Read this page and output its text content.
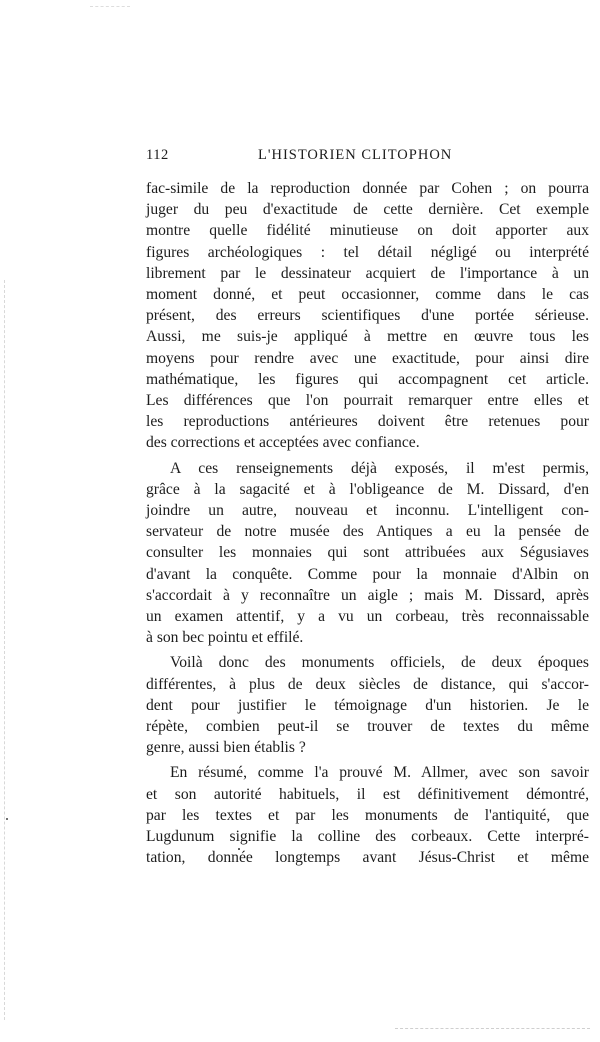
112	L'HISTORIEN CLITOPHON
fac-simile de la reproduction donnée par Cohen ; on pourra
juger du peu d'exactitude de cette dernière. Cet exemple
montre quelle fidélité minutieuse on doit apporter aux
figures archéologiques : tel détail négligé ou interprété
librement par le dessinateur acquiert de l'importance à un
moment donné, et peut occasionner, comme dans le cas
présent, des erreurs scientifiques d'une portée sérieuse.
Aussi, me suis-je appliqué à mettre en œuvre tous les
moyens pour rendre avec une exactitude, pour ainsi dire
mathématique, les figures qui accompagnent cet article.
Les différences que l'on pourrait remarquer entre elles et
les reproductions antérieures doivent être retenues pour
des corrections et acceptées avec confiance.
A ces renseignements déjà exposés, il m'est permis,
grâce à la sagacité et à l'obligeance de M. Dissard, d'en
joindre un autre, nouveau et inconnu. L'intelligent con-
servateur de notre musée des Antiques a eu la pensée de
consulter les monnaies qui sont attribuées aux Ségusiaves
d'avant la conquête. Comme pour la monnaie d'Albin on
s'accordait à y reconnaître un aigle ; mais M. Dissard, après
un examen attentif, y a vu un corbeau, très reconnaissable
à son bec pointu et effilé.
Voilà donc des monuments officiels, de deux époques
différentes, à plus de deux siècles de distance, qui s'accor-
dent pour justifier le témoignage d'un historien. Je le
répète, combien peut-il se trouver de textes du même
genre, aussi bien établis ?
En résumé, comme l'a prouvé M. Allmer, avec son savoir
et son autorité habituels, il est définitivement démontré,
par les textes et par les monuments de l'antiquité, que
Lugdunum signifie la colline des corbeaux. Cette interpré-
tation, donnée longtemps avant Jésus-Christ et même
